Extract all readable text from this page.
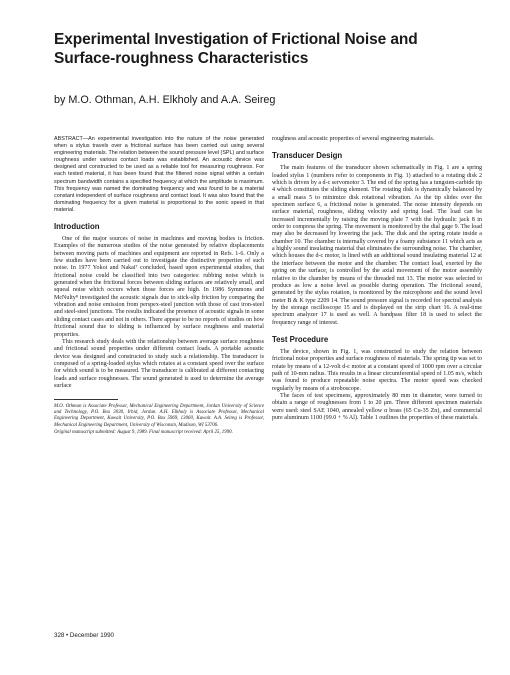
Experimental Investigation of Frictional Noise and Surface-roughness Characteristics
by M.O. Othman, A.H. Elkholy and A.A. Seireg

ABSTRACT—An experimental investigation into the nature of the noise generated when a stylus travels over a frictional surface has been carried out using several engineering materials. The relation between the sound pressure level (SPL) and surface roughness under various contact loads was established. An acoustic device was designed and constructed to be used as a reliable tool for measuring roughness. For each tested material, it has been found that the filtered noise signal within a certain spectrum bandwidth contains a specified frequency at which the amplitude is maximum. This frequency was named the dominating frequency and was found to be a material constant independent of surface roughness and contact load. It was also found that the dominating frequency for a given material is proportional to the sonic speed in that material.

Introduction

One of the major sources of noise in machines and moving bodies is friction. Examples of the numerous studies of the noise generated by relative displacements between moving parts of machines and equipment are reported in Refs. 1-6. Only a few studies have been carried out to investigate the distinctive properties of such noise. In 1977 Yokoi and Nakai⁷ concluded, based upon experimental studies, that frictional noise could be classified into two categories: rubbing noise which is generated when the frictional forces between sliding surfaces are relatively small, and squeal noise which occurs when those forces are high. In 1986 Symmons and McNulty⁸ investigated the acoustic signals due to stick-slip friction by comparing the vibration and noise emission from perspex-steel junction with those of cast iron-steel and steel-steel junctions. The results indicated the presence of acoustic signals in some sliding contact cases and not in others. There appear to be no reports of studies on how frictional sound due to sliding is influenced by surface roughness and material properties.

This research study deals with the relationship between average surface roughness and frictional sound properties under different contact loads. A portable acoustic device was designed and constructed to study such a relationship. The transducer is composed of a spring-loaded stylus which rotates at a constant speed over the surface for which sound is to be measured. The transducer is calibrated at different contacting loads and surface roughnesses. The sound generated is used to determine the average surface

M.O. Othman is Associate Professor, Mechanical Engineering Department, Jordan University of Science and Technology, P.O. Box 3030, Irbid, Jordan. A.H. Elkholy is Associate Professor, Mechanical Engineering Department, Kuwait University, P.O. Box 5969, 13060, Kuwait. A.A. Seireg is Professor, Mechanical Engineering Department, University of Wisconsin, Madison, WI 53706.

Original manuscript submitted: August 9, 1989. Final manuscript received: April 25, 1990.

roughness and acoustic properties of several engineering materials.

Transducer Design

The main features of the transducer shown schematically in Fig. 1 are a spring loaded stylus 1 (numbers refer to components in Fig. 1) attached to a rotating disk 2 which is driven by a d-c servomotor 3. The end of the spring has a tungsten-carbide tip 4 which constitutes the sliding element. The rotating disk is dynamically balanced by a small mass 5 to minimize disk rotational vibration. As the tip slides over the specimen surface 6, a frictional noise is generated. The noise intensity depends on surface material, roughness, sliding velocity and spring load. The load can be increased incrementally by raising the moving plate 7 with the hydraulic jack 8 in order to compress the spring. The movement is monitored by the dial gage 9. The load may also be decreased by lowering the jack. The disk and the spring rotate inside a chamber 10. The chamber is internally covered by a foamy substance 11 which acts as a highly sound insulating material that eliminates the surrounding noise. The chamber, which houses the d-c motor, is lined with an additional sound insulating material 12 at the interface between the motor and the chamber. The contact load, exerted by the spring on the surface, is controlled by the axial movement of the motor assembly relative to the chamber by means of the threaded nut 13. The motor was selected to produce as low a noise level as possible during operation. The frictional sound, generated by the stylus rotation, is monitored by the microphone and the sound level meter B & K type 2209 14. The sound pressure signal is recorded for spectral analysis by the storage oscilloscope 15 and is displayed on the strip chart 16. A real-time spectrum analyzer 17 is used as well. A bandpass filter 18 is used to select the frequency range of interest.

Test Procedure

The device, shown in Fig. 1, was constructed to study the relation between frictional noise properties and surface roughness of materials. The spring tip was set to rotate by means of a 12-volt d-c motor at a constant speed of 1000 rpm over a circular path of 10-mm radius. This results in a linear circumferential speed of 1.05 m/s, which was found to produce repeatable noise spectra. The motor speed was checked regularly by means of a stroboscope.

The faces of test specimens, approximately 80 mm in diameter, were turned to obtain a range of roughnesses from 1 to 20 μm. Three different specimen materials were used: steel SAE 1040, annealed yellow α brass (65 Cu-35 Zn), and commercial pure aluminum 1100 (99.0 + % Al). Table 1 outlines the properties of these materials.

328 • December 1990
